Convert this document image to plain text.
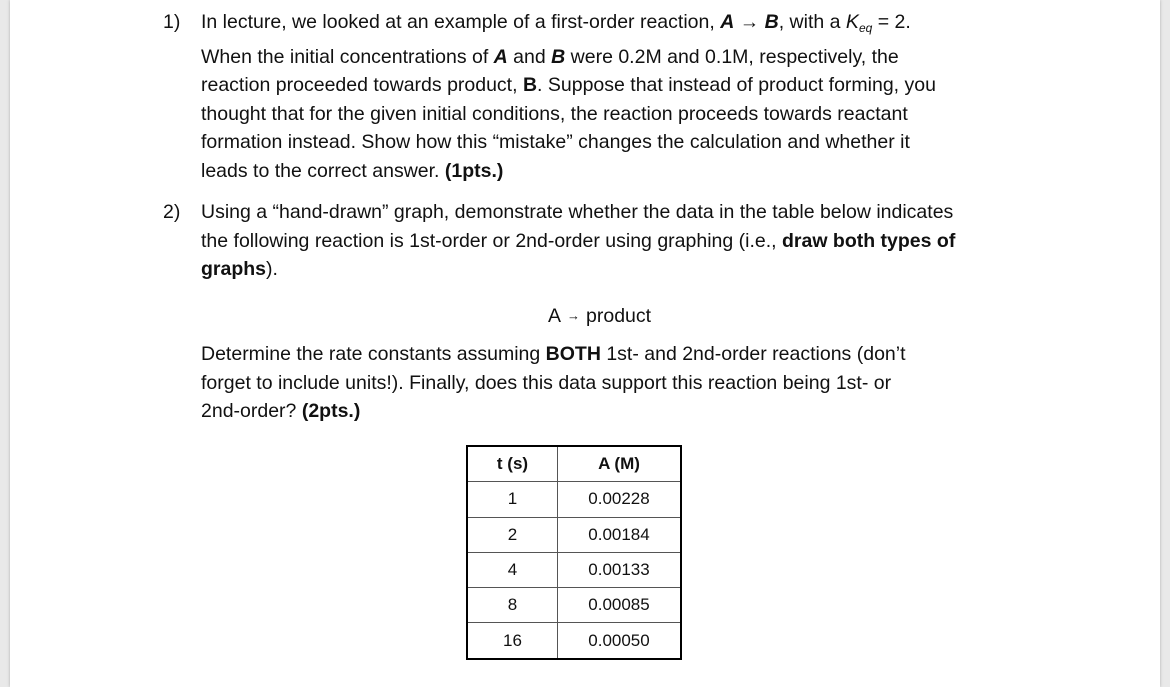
1) In lecture, we looked at an example of a first-order reaction, A → B, with a $K_{eq} = 2$.
When the initial concentrations of A and B were 0.2M and 0.1M, respectively, the
reaction proceeded towards product, B. Suppose that instead of product forming, you
thought that for the given initial conditions, the reaction proceeds towards reactant
formation instead. Show how this “mistake” changes the calculation and whether it
leads to the correct answer. (1pts.)
2) Using a “hand-drawn” graph, demonstrate whether the data in the table below indicates
the following reaction is 1st-order or 2nd-order using graphing (i.e., draw both types of
graphs).
A → product
Determine the rate constants assuming BOTH 1st- and 2nd-order reactions (don’t
forget to include units!). Finally, does this data support this reaction being 1st- or
2nd-order? (2pts.)
t (s)	A (M)
1	0.00228
2	0.00184
4	0.00133
8	0.00085
16	0.00050
